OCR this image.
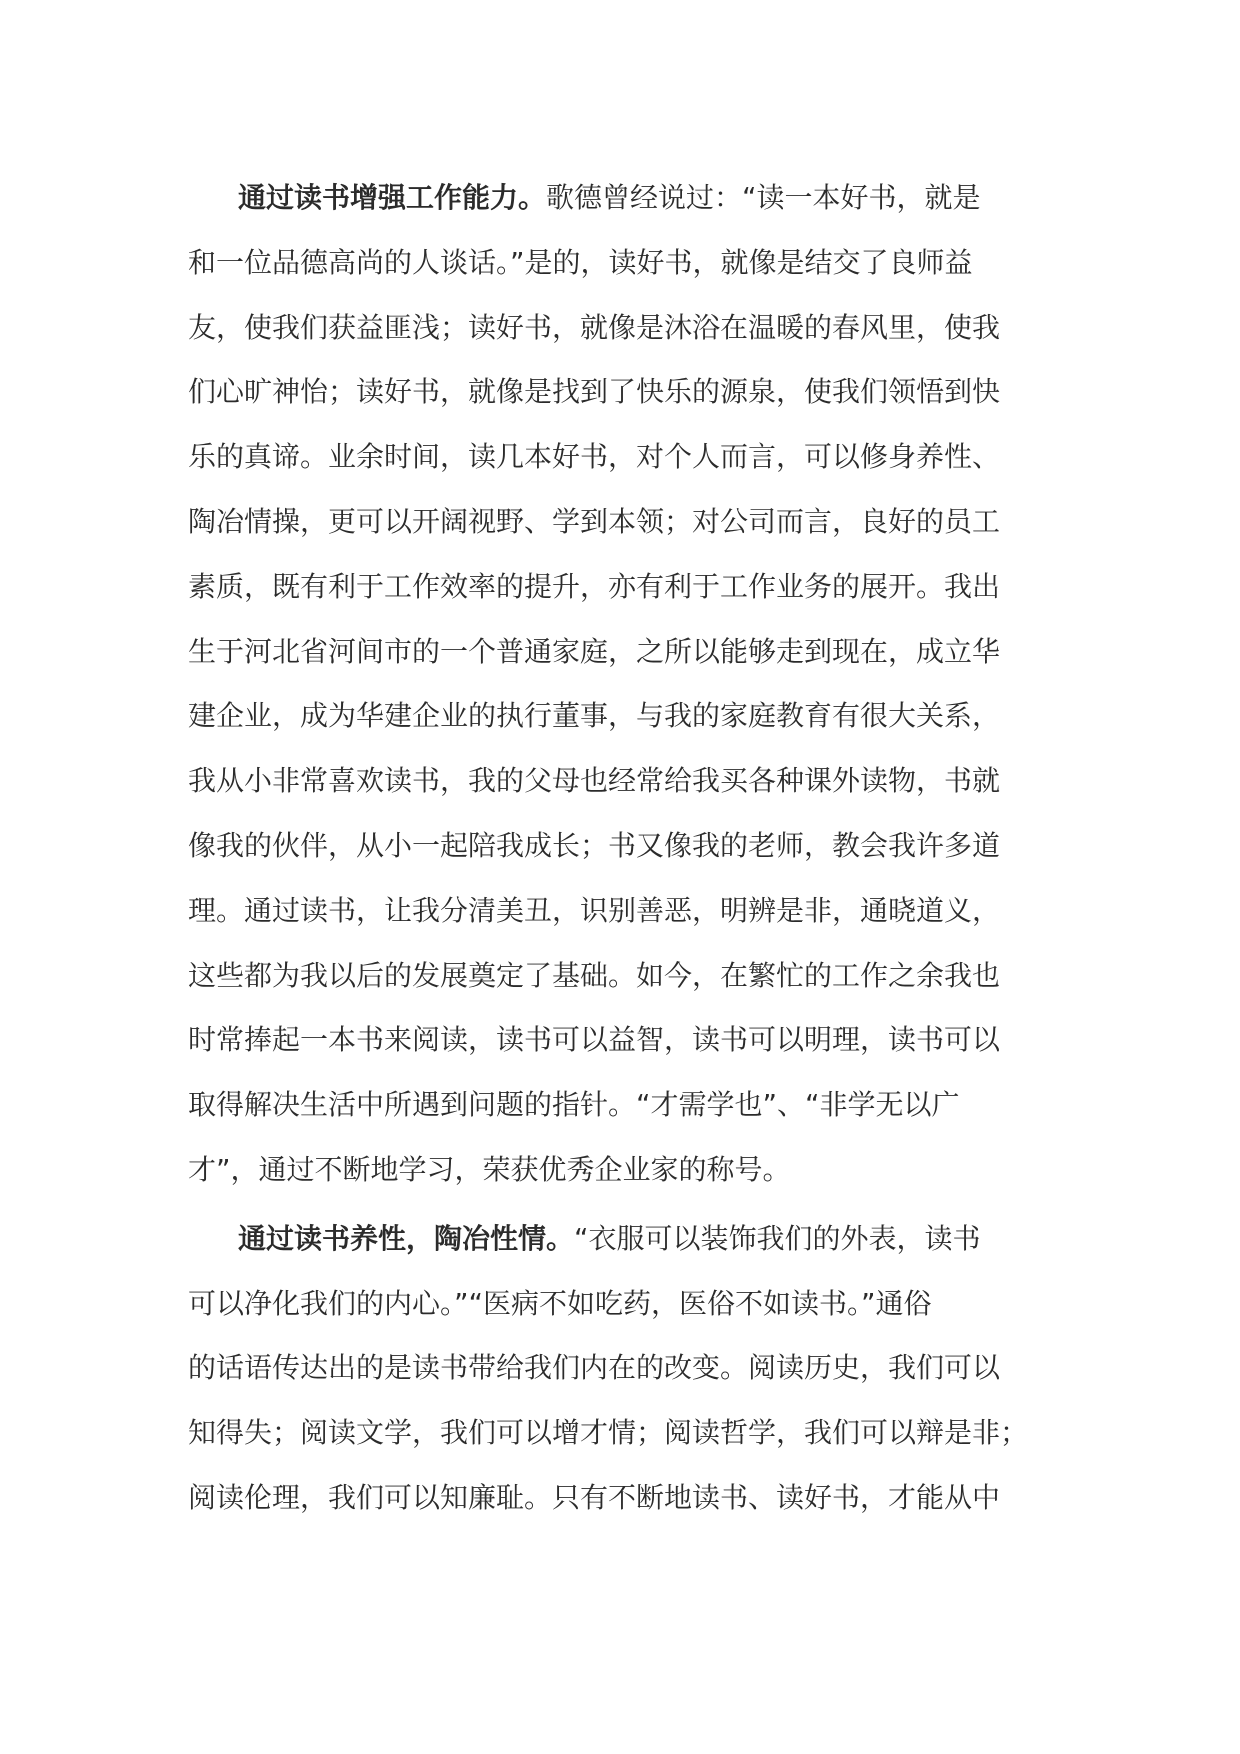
通过读书增强工作能力。歌德曾经说过：“读一本好书，就是
和一位品德高尚的人谈话。”是的，读好书，就像是结交了良师益
友，使我们获益匪浅；读好书，就像是沐浴在温暖的春风里，使我
们心旷神怡；读好书，就像是找到了快乐的源泉，使我们领悟到快
乐的真谛。业余时间，读几本好书，对个人而言，可以修身养性、
陶冶情操，更可以开阔视野、学到本领；对公司而言，良好的员工
素质，既有利于工作效率的提升，亦有利于工作业务的展开。我出
生于河北省河间市的一个普通家庭，之所以能够走到现在，成立华
建企业，成为华建企业的执行董事，与我的家庭教育有很大关系，
我从小非常喜欢读书，我的父母也经常给我买各种课外读物，书就
像我的伙伴，从小一起陪我成长；书又像我的老师，教会我许多道
理。通过读书，让我分清美丑，识别善恶，明辨是非，通晓道义，
这些都为我以后的发展奠定了基础。如今，在繁忙的工作之余我也
时常捧起一本书来阅读，读书可以益智，读书可以明理，读书可以
取得解决生活中所遇到问题的指针。“才需学也”、“非学无以广
才”，通过不断地学习，荣获优秀企业家的称号。
通过读书养性，陶冶性情。“衣服可以装饰我们的外表，读书
可以净化我们的内心。”“医病不如吃药，医俗不如读书。”通俗
的话语传达出的是读书带给我们内在的改变。阅读历史，我们可以
知得失；阅读文学，我们可以增才情；阅读哲学，我们可以辩是非；
阅读伦理，我们可以知廉耻。只有不断地读书、读好书，才能从中
